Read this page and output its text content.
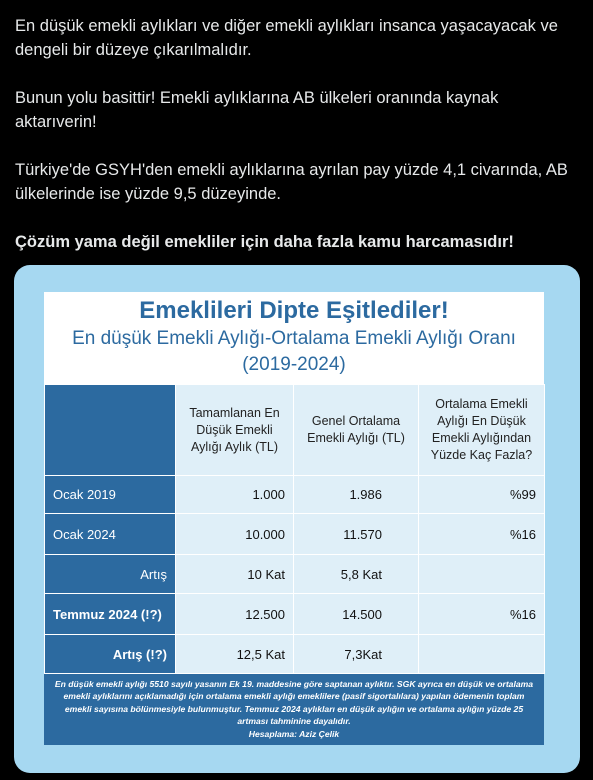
En düşük emekli aylıkları ve diğer emekli aylıkları insanca yaşacayacak ve dengeli bir düzeye çıkarılmalıdır.

Bunun yolu basittir! Emekli aylıklarına AB ülkeleri oranında kaynak aktarıverin!

Türkiye'de GSYH'den emekli aylıklarına ayrılan pay yüzde 4,1 civarında, AB ülkelerinde ise yüzde 9,5 düzeyinde.

Çözüm yama değil emekliler için daha fazla kamu harcamasıdır!

Emeklileri Dipte Eşitlediler!
En düşük Emekli Aylığı-Ortalama Emekli Aylığı Oranı
(2019-2024)
	Tamamlanan En Düşük Emekli Aylığı Aylık (TL)	Genel Ortalama Emekli Aylığı (TL)	Ortalama Emekli Aylığı En Düşük Emekli Aylığından Yüzde Kaç Fazla?
Ocak 2019	1.000	1.986	%99
Ocak 2024	10.000	11.570	%16
Artış	10 Kat	5,8 Kat	
Temmuz 2024 (!?)	12.500	14.500	%16
Artış (!?)	12,5 Kat	7,3Kat	
En düşük emekli aylığı 5510 sayılı yasanın Ek 19. maddesine göre saptanan aylıktır. SGK ayrıca en düşük ve ortalama emekli aylıklarını açıklamadığı için ortalama emekli aylığı emeklilere (pasif sigortalılara) yapılan ödemenin toplam emekli sayısına bölünmesiyle bulunmuştur. Temmuz 2024 aylıkları en düşük aylığın ve ortalama aylığın yüzde 25 artması tahminine dayalıdır.
Hesaplama: Aziz Çelik
